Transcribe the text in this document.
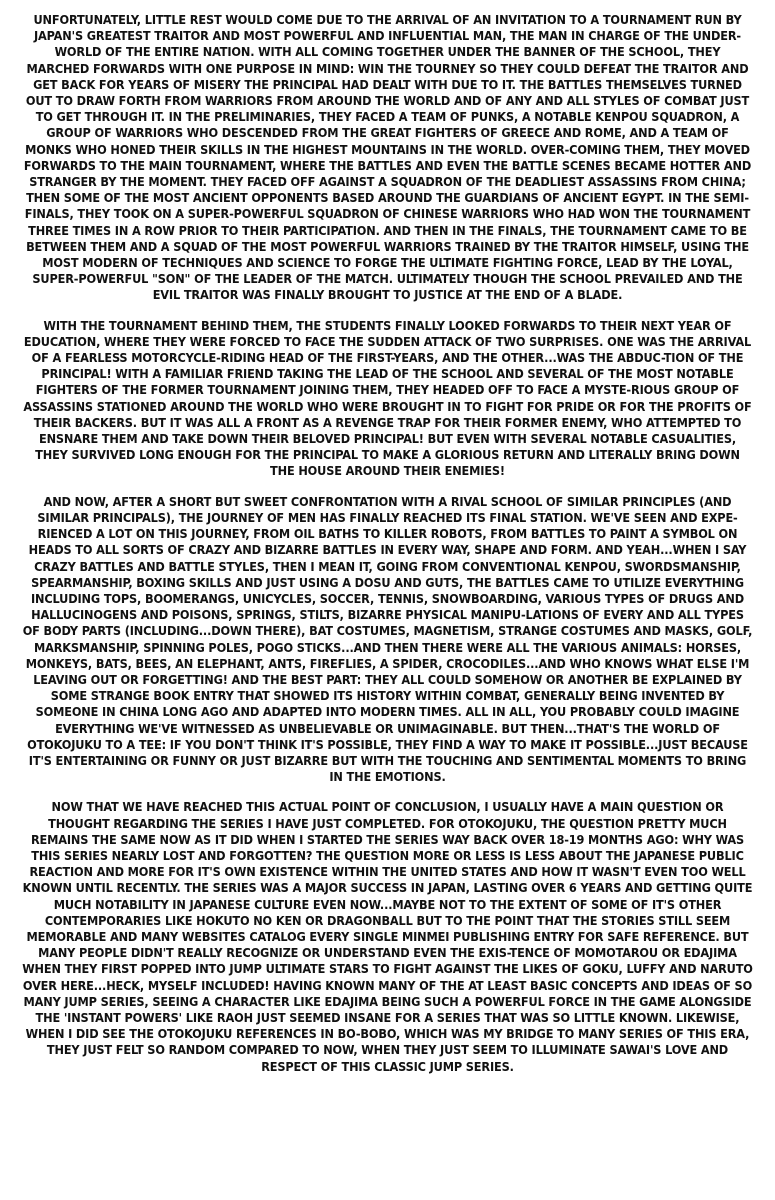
UNFORTUNATELY, LITTLE REST WOULD COME DUE TO THE ARRIVAL OF AN INVITATION TO A TOURNAMENT RUN BY JAPAN'S GREATEST TRAITOR AND MOST POWERFUL AND INFLUENTIAL MAN, THE MAN IN CHARGE OF THE UNDER-WORLD OF THE ENTIRE NATION. WITH ALL COMING TOGETHER UNDER THE BANNER OF THE SCHOOL, THEY MARCHED FORWARDS WITH ONE PURPOSE IN MIND: WIN THE TOURNEY SO THEY COULD DEFEAT THE TRAITOR AND GET BACK FOR YEARS OF MISERY THE PRINCIPAL HAD DEALT WITH DUE TO IT. THE BATTLES THEMSELVES TURNED OUT TO DRAW FORTH FROM WARRIORS FROM AROUND THE WORLD AND OF ANY AND ALL STYLES OF COMBAT JUST TO GET THROUGH IT. IN THE PRELIMINARIES, THEY FACED A TEAM OF PUNKS, A NOTABLE KENPOU SQUADRON, A GROUP OF WARRIORS WHO DESCENDED FROM THE GREAT FIGHTERS OF GREECE AND ROME, AND A TEAM OF MONKS WHO HONED THEIR SKILLS IN THE HIGHEST MOUNTAINS IN THE WORLD. OVER-COMING THEM, THEY MOVED FORWARDS TO THE MAIN TOURNAMENT, WHERE THE BATTLES AND EVEN THE BATTLE SCENES BECAME HOTTER AND STRANGER BY THE MOMENT. THEY FACED OFF AGAINST A SQUADRON OF THE DEADLIEST ASSASSINS FROM CHINA; THEN SOME OF THE MOST ANCIENT OPPONENTS BASED AROUND THE GUARDIANS OF ANCIENT EGYPT. IN THE SEMI-FINALS, THEY TOOK ON A SUPER-POWERFUL SQUADRON OF CHINESE WARRIORS WHO HAD WON THE TOURNAMENT THREE TIMES IN A ROW PRIOR TO THEIR PARTICIPATION. AND THEN IN THE FINALS, THE TOURNAMENT CAME TO BE BETWEEN THEM AND A SQUAD OF THE MOST POWERFUL WARRIORS TRAINED BY THE TRAITOR HIMSELF, USING THE MOST MODERN OF TECHNIQUES AND SCIENCE TO FORGE THE ULTIMATE FIGHTING FORCE, LEAD BY THE LOYAL, SUPER-POWERFUL "SON" OF THE LEADER OF THE MATCH. ULTIMATELY THOUGH THE SCHOOL PREVAILED AND THE EVIL TRAITOR WAS FINALLY BROUGHT TO JUSTICE AT THE END OF A BLADE.

WITH THE TOURNAMENT BEHIND THEM, THE STUDENTS FINALLY LOOKED FORWARDS TO THEIR NEXT YEAR OF EDUCATION, WHERE THEY WERE FORCED TO FACE THE SUDDEN ATTACK OF TWO SURPRISES. ONE WAS THE ARRIVAL OF A FEARLESS MOTORCYCLE-RIDING HEAD OF THE FIRST-YEARS, AND THE OTHER...WAS THE ABDUC-TION OF THE PRINCIPAL! WITH A FAMILIAR FRIEND TAKING THE LEAD OF THE SCHOOL AND SEVERAL OF THE MOST NOTABLE FIGHTERS OF THE FORMER TOURNAMENT JOINING THEM, THEY HEADED OFF TO FACE A MYSTE-RIOUS GROUP OF ASSASSINS STATIONED AROUND THE WORLD WHO WERE BROUGHT IN TO FIGHT FOR PRIDE OR FOR THE PROFITS OF THEIR BACKERS. BUT IT WAS ALL A FRONT AS A REVENGE TRAP FOR THEIR FORMER ENEMY, WHO ATTEMPTED TO ENSNARE THEM AND TAKE DOWN THEIR BELOVED PRINCIPAL! BUT EVEN WITH SEVERAL NOTABLE CASUALITIES, THEY SURVIVED LONG ENOUGH FOR THE PRINCIPAL TO MAKE A GLORIOUS RETURN AND LITERALLY BRING DOWN THE HOUSE AROUND THEIR ENEMIES!

AND NOW, AFTER A SHORT BUT SWEET CONFRONTATION WITH A RIVAL SCHOOL OF SIMILAR PRINCIPLES (AND SIMILAR PRINCIPALS), THE JOURNEY OF MEN HAS FINALLY REACHED ITS FINAL STATION. WE'VE SEEN AND EXPE-RIENCED A LOT ON THIS JOURNEY, FROM OIL BATHS TO KILLER ROBOTS, FROM BATTLES TO PAINT A SYMBOL ON HEADS TO ALL SORTS OF CRAZY AND BIZARRE BATTLES IN EVERY WAY, SHAPE AND FORM. AND YEAH...WHEN I SAY CRAZY BATTLES AND BATTLE STYLES, THEN I MEAN IT, GOING FROM CONVENTIONAL KENPOU, SWORDSMANSHIP, SPEARMANSHIP, BOXING SKILLS AND JUST USING A DOSU AND GUTS, THE BATTLES CAME TO UTILIZE EVERYTHING INCLUDING TOPS, BOOMERANGS, UNICYCLES, SOCCER, TENNIS, SNOWBOARDING, VARIOUS TYPES OF DRUGS AND HALLUCINOGENS AND POISONS, SPRINGS, STILTS, BIZARRE PHYSICAL MANIPU-LATIONS OF EVERY AND ALL TYPES OF BODY PARTS (INCLUDING...DOWN THERE), BAT COSTUMES, MAGNETISM, STRANGE COSTUMES AND MASKS, GOLF, MARKSMANSHIP, SPINNING POLES, POGO STICKS...AND THEN THERE WERE ALL THE VARIOUS ANIMALS: HORSES, MONKEYS, BATS, BEES, AN ELEPHANT, ANTS, FIREFLIES, A SPIDER, CROCODILES...AND WHO KNOWS WHAT ELSE I'M LEAVING OUT OR FORGETTING! AND THE BEST PART: THEY ALL COULD SOMEHOW OR ANOTHER BE EXPLAINED BY SOME STRANGE BOOK ENTRY THAT SHOWED ITS HISTORY WITHIN COMBAT, GENERALLY BEING INVENTED BY SOMEONE IN CHINA LONG AGO AND ADAPTED INTO MODERN TIMES. ALL IN ALL, YOU PROBABLY COULD IMAGINE EVERYTHING WE'VE WITNESSED AS UNBELIEVABLE OR UNIMAGINABLE. BUT THEN...THAT'S THE WORLD OF OTOKOJUKU TO A TEE: IF YOU DON'T THINK IT'S POSSIBLE, THEY FIND A WAY TO MAKE IT POSSIBLE...JUST BECAUSE IT'S ENTERTAINING OR FUNNY OR JUST BIZARRE BUT WITH THE TOUCHING AND SENTIMENTAL MOMENTS TO BRING IN THE EMOTIONS.

NOW THAT WE HAVE REACHED THIS ACTUAL POINT OF CONCLUSION, I USUALLY HAVE A MAIN QUESTION OR THOUGHT REGARDING THE SERIES I HAVE JUST COMPLETED. FOR OTOKOJUKU, THE QUESTION PRETTY MUCH REMAINS THE SAME NOW AS IT DID WHEN I STARTED THE SERIES WAY BACK OVER 18-19 MONTHS AGO: WHY WAS THIS SERIES NEARLY LOST AND FORGOTTEN? THE QUESTION MORE OR LESS IS LESS ABOUT THE JAPANESE PUBLIC REACTION AND MORE FOR IT'S OWN EXISTENCE WITHIN THE UNITED STATES AND HOW IT WASN'T EVEN TOO WELL KNOWN UNTIL RECENTLY. THE SERIES WAS A MAJOR SUCCESS IN JAPAN, LASTING OVER 6 YEARS AND GETTING QUITE MUCH NOTABILITY IN JAPANESE CULTURE EVEN NOW...MAYBE NOT TO THE EXTENT OF SOME OF IT'S OTHER CONTEMPORARIES LIKE HOKUTO NO KEN OR DRAGONBALL BUT TO THE POINT THAT THE STORIES STILL SEEM MEMORABLE AND MANY WEBSITES CATALOG EVERY SINGLE MINMEI PUBLISHING ENTRY FOR SAFE REFERENCE. BUT MANY PEOPLE DIDN'T REALLY RECOGNIZE OR UNDERSTAND EVEN THE EXIS-TENCE OF MOMOTAROU OR EDAJIMA WHEN THEY FIRST POPPED INTO JUMP ULTIMATE STARS TO FIGHT AGAINST THE LIKES OF GOKU, LUFFY AND NARUTO OVER HERE...HECK, MYSELF INCLUDED! HAVING KNOWN MANY OF THE AT LEAST BASIC CONCEPTS AND IDEAS OF SO MANY JUMP SERIES, SEEING A CHARACTER LIKE EDAJIMA BEING SUCH A POWERFUL FORCE IN THE GAME ALONGSIDE THE 'INSTANT POWERS' LIKE RAOH JUST SEEMED INSANE FOR A SERIES THAT WAS SO LITTLE KNOWN. LIKEWISE, WHEN I DID SEE THE OTOKOJUKU REFERENCES IN BO-BOBO, WHICH WAS MY BRIDGE TO MANY SERIES OF THIS ERA, THEY JUST FELT SO RANDOM COMPARED TO NOW, WHEN THEY JUST SEEM TO ILLUMINATE SAWAI'S LOVE AND RESPECT OF THIS CLASSIC JUMP SERIES.
